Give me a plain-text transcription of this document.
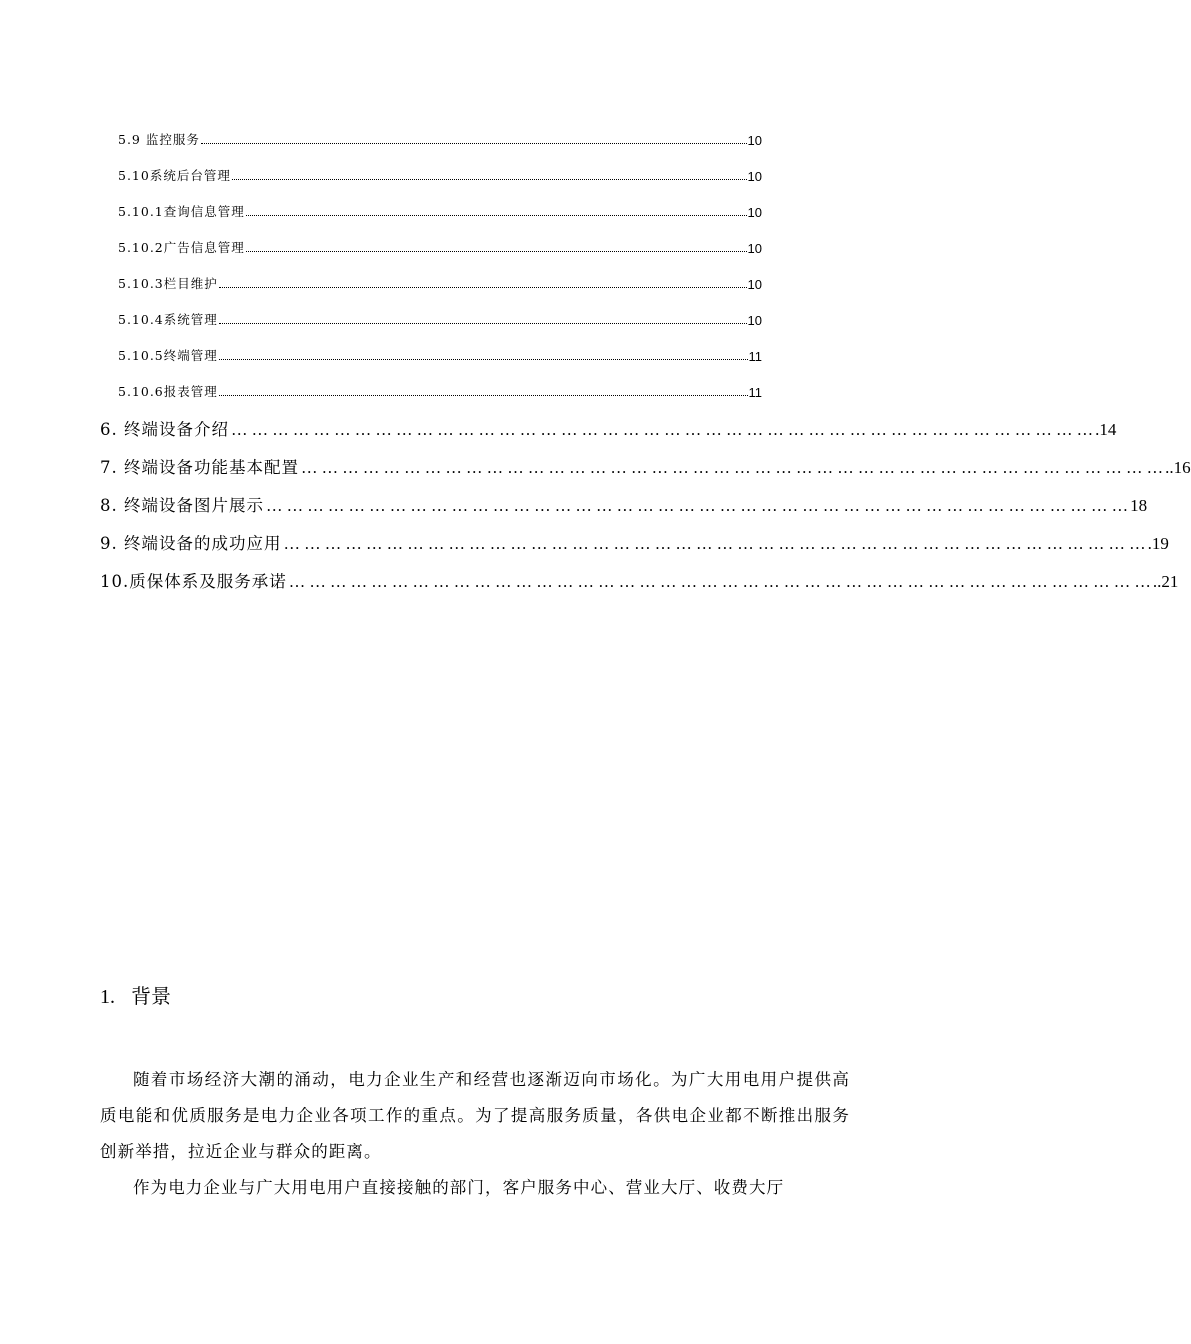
5.9 监控服务	10
5.10系统后台管理	10
5.10.1查询信息管理	10
5.10.2广告信息管理	10
5.10.3栏目维护	10
5.10.4系统管理	10
5.10.5终端管理	11
5.10.6报表管理	11
6. 终端设备介绍 … … … … … … … … … … … … … … … … … … … … … … … … … … … … … … … … … … … … … … … … … … .14
7. 终端设备功能基本配置 … … … … … … … … … … … … … … … … … … … … … … … … … … … … … … … … … … … … … … … … … … ..16
8. 终端设备图片展示 … … … … … … … … … … … … … … … … … … … … … … … … … … … … … … … … … … … … … … … … … … 18
9. 终端设备的成功应用 … … … … … … … … … … … … … … … … … … … … … … … … … … … … … … … … … … … … … … … … … … .19
10.质保体系及服务承诺 … … … … … … … … … … … … … … … … … … … … … … … … … … … … … … … … … … … … … … … … … … ..21
1. 背景

随着市场经济大潮的涌动，电力企业生产和经营也逐渐迈向市场化。为广大用电用户提供高质电能和优质服务是电力企业各项工作的重点。为了提高服务质量，各供电企业都不断推出服务创新举措，拉近企业与群众的距离。

作为电力企业与广大用电用户直接接触的部门，客户服务中心、营业大厅、收费大厅
